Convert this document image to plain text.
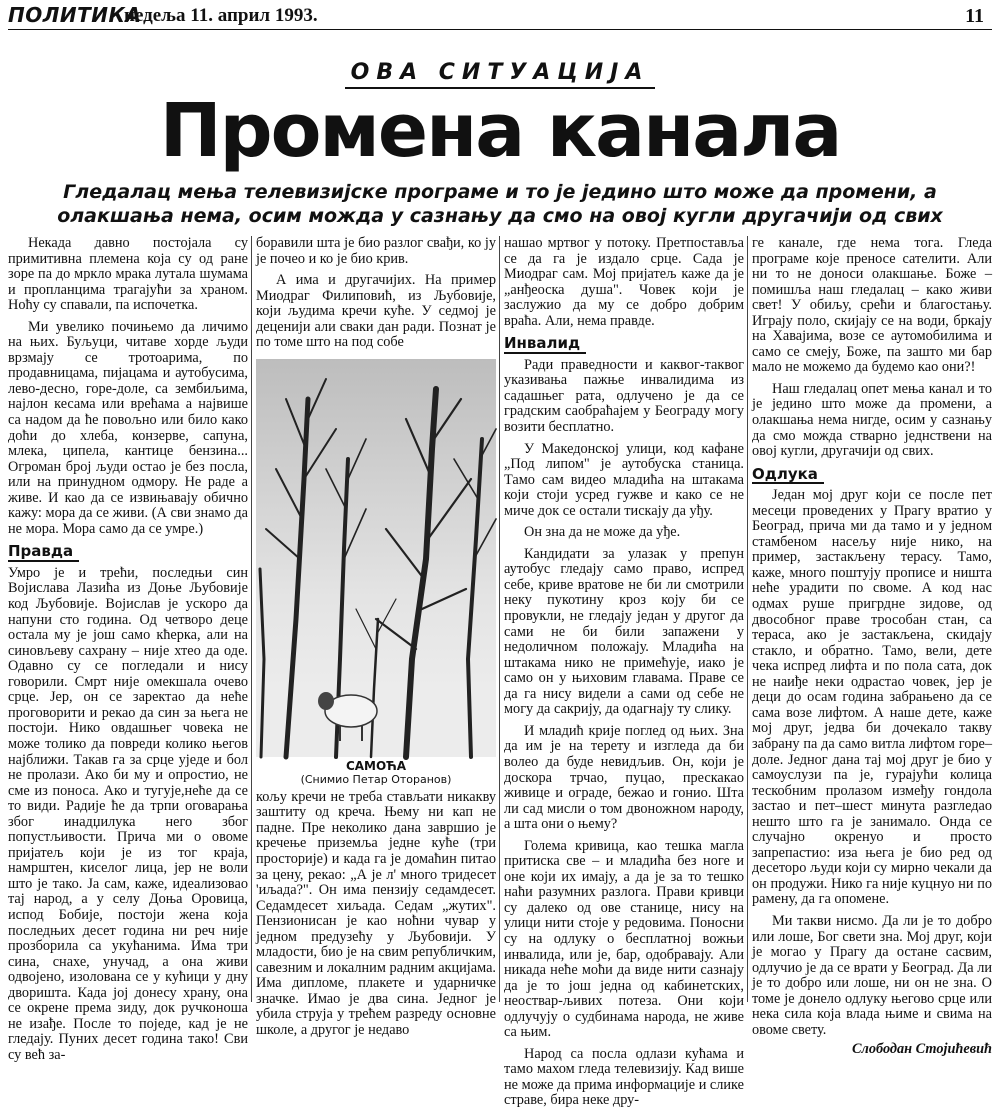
ПОЛИТИКА
недеља 11. април 1993.	11
ОВА СИТУАЦИЈА
Промена канала
Гледалац мења телевизијске програме и то је једино што може да промени, а олакшања нема, осим можда у сазнању да смо на овој кугли другачији од свих

Некада давно постојала су примитивна племена која су од ране зоре па до мркло мрака лутала шумама и пропланцима трагајући за храном. Ноћу су спавали, па испочетка.

Ми увелико почињемо да личимо на њих. Буљуци, читаве хорде људи врзмају се тротоарима, по продавницама, пијацама и аутобусима, лево-десно, горе-доле, са зембиљима, најлон кесама или врећама а највише са надом да ће повољно или било како доћи до хлеба, конзерве, сапуна, млека, ципела, кантице бензина... Огроман број људи остао је без посла, или на принудном одмору. Не раде а живе. И као да се извињавају обично кажу: мора да се живи. (А сви знамо да не мора. Мора само да се умре.)

Правда

Умро је и трећи, последњи син Војислава Лазића из Доње Љубовије код Љубовије. Војислав је ускоро да напуни сто година. Од четворо деце остала му је још само кћерка, али на синовљеву сахрану – није хтео да оде. Одавно су се погледали и нису говорили. Смрт није омекшала очево срце. Јер, он се заректао да неће проговорити и рекао да син за њега не постоји. Нико овдашњег човека не може толико да повреди колико његов најближи. Такав га за срце уједе и бол не пролази. Ако би му и опростио, не сме из поноса. Ако и тугује,неће да се то види. Радије ће да трпи оговарања због инадџилука него због попустљивости. Прича ми о овоме пријатељ који је из тог краја, намрштен, киселог лица, јер не воли што је тако. Ја сам, каже, идеализовао тај народ, а у селу Доња Оровица, испод Бобије, постоји жена која последњих десет година ни реч није прозборила са укућанима. Има три сина, снахе, унучад, а она живи одвојено, изолована се у кућици у дну дворишта. Када јој донесу храну, она се окрене према зиду, док ручконоша не изађе. После то поједе, кад је не гледају. Пуних десет година тако! Сви су већ за-

боравили шта је био разлог свађи, ко ју је почео и ко је био крив.

А има и другачијих. На пример Миодраг Филиповић, из Љубовије, који људима кречи куће. У седмој је деценији али сваки дан ради. Познат је по томе што на под собе

САМОЋА
(Снимио Петар Оторанов)

кољу кречи не треба стављати никакву заштиту од креча. Њему ни кап не падне. Пре неколико дана завршио је кречење приземља једне куће (три просторије) и када га је домаћин питао за цену, рекао: „А је л' много тридесет 'иљада?". Он има пензију седамдесет. Седамдесет хиљада. Седам „жутих". Пензионисан је као ноћни чувар у једном предузећу у Љубовији. У младости, био је на свим републичким, савезним и локалним радним акцијама. Има дипломе, плакете и ударничке значке. Имао је два сина. Једног је убила струја у трећем разреду основне школе, а другог је недаво

нашао мртвог у потоку. Претпоставља се да га је издало срце. Сада је Миодраг сам. Мој пријатељ каже да је „анђеоска душа". Човек који је заслужио да му се добро добрим враћа. Али, нема правде.

Инвалид

Ради праведности и каквог-таквог указивања пажње инвалидима из садашњег рата, одлучено је да се градским саобраћајем у Београду могу возити бесплатно.

У Македонској улици, код кафане „Под липом" је аутобуска станица. Тамо сам видео младића на штакама који стоји усред гужве и како се не миче док се остали тискају да уђу.

Он зна да не може да уђе.

Кандидати за улазак у препун аутобус гледају само право, испред себе, криве вратове не би ли смотрили неку пукотину кроз коју би се провукли, не гледају један у другог да сами не би били запажени у недоличном положају. Младића на штакама нико не примећује, иако је само он у њиховим главама. Праве се да га нису видели а сами од себе не могу да сакрију, да одагнају ту слику.

И младић крије поглед од њих. Зна да им је на терету и изгледа да би волео да буде невидљив. Он, који је доскора трчао, пуцао, прескакао живице и ограде, бежао и гонио. Шта ли сад мисли о том двоножном народу, а шта они о њему?

Големa кривица, као тешка магла притиска све – и младића без ноге и оне који их имају, а да је за то тешко наћи разумних разлога. Прави кривци су далеко од ове станице, нису на улици нити стоје у редовима. Поносни су на одлуку о бесплатној вожњи инвалида, или је, бар, одобравају. Али никада неће моћи да виде нити сазнају да је то још једна од кабинетских, неоствар-љивих потеза. Они који одлучују о судбинама народа, не живе са њим.

Народ са посла одлази кућама и тамо махом гледа телевизију. Кад више не може да прима информације и слике страве, бира неке дру-

ге канале, где нема тога. Гледа програме које преносе сателити. Али ни то не доноси олакшање. Боже – помишља наш гледалац – како живи свет! У обиљу, срећи и благостању. Играју поло, скијају се на води, бркају на Хавајима, возе се аутомобилима и само се смеју, Боже, па зашто ми бар мало не можемо да будемо као они?!

Наш гледалац опет мења канал и то је једино што може да промени, а олакшања нема нигде, осим у сазнању да смо можда стварно једнствени на овој кугли, другачији од свих.

Одлука

Један мој друг који се после пет месеци проведених у Прагу вратио у Београд, прича ми да тамо и у једном стамбеном насељу није нико, на пример, застакљену терасу. Тамо, каже, много поштују прописе и ништа неће урадити по своме. А код нас одмах руше пригрдне зидове, од двособног праве трособан стан, са тераса, ако је застакљена, скидају стакло, и обратно. Тамо, вели, дете чека испред лифта и по пола сата, док не наиђе неки одрастао човек, јер је деци до осам година забрањено да се сама возе лифтом. А наше дете, каже мој друг, једва би дочекало такву забрану па да само витла лифтом горе–доле. Једног дана тај мој друг је био у самоуслузи па је, гурајући колица тескобним пролазом између гондола застао и пет–шест минута разгледао нешто што га је занимало. Онда се случајно окренуо и просто запрепастио: иза њега је био ред од десеторо људи који су мирно чекали да он продужи. Нико га није куцнуо ни по рамену, да га опомене.

Ми такви нисмо. Да ли је то добро или лоше, Бог свети зна. Мој друг, који је могао у Прагу да остане сасвим, одлучио је да се врати у Београд. Да ли је то добро или лоше, ни он не зна. О томе је донело одлуку његово срце или нека сила која влада њиме и свима на овоме свету.

Слободан Стојићевић
